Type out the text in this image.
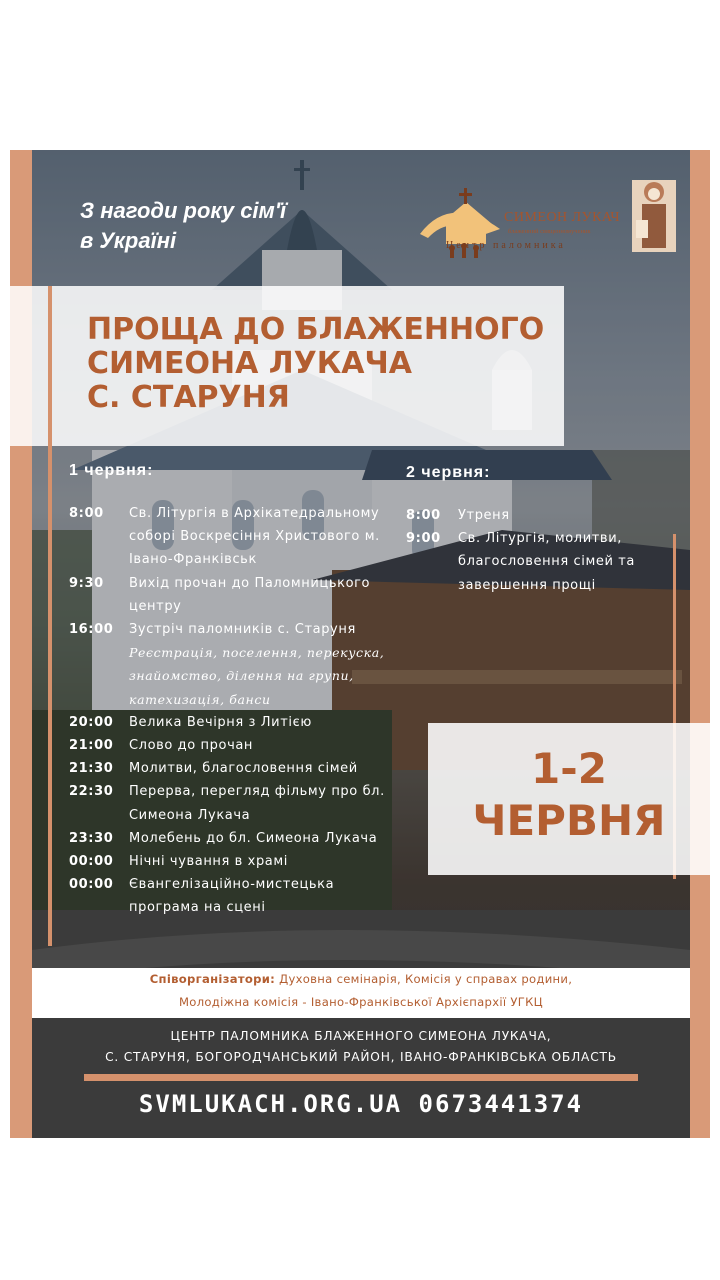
З нагоди року сім'ї
в Україні
СИМЕОН ЛУКАЧ
блаженний священномученик
Центр паломника
ПРОЩА ДО БЛАЖЕННОГО
СИМЕОНА ЛУКАЧА
С. СТАРУНЯ
1 червня:
8:00	Св. Літургія в Архікатедральному соборі Воскресіння Христового м. Івано-Франківськ
9:30	Вихід прочан до Паломницького центру
16:00	Зустріч паломників с. Старуня
Реєстрація, поселення, перекуска, знайомство, ділення на групи, катехизація, банси
20:00	Велика Вечірня з Литією
21:00	Слово до прочан
21:30	Молитви, благословення сімей
22:30	Перерва, перегляд фільму про бл. Симеона Лукача
23:30	Молебень до бл. Симеона Лукача
00:00	Нічні чування в храмі
00:00	Євангелізаційно-мистецька програма на сцені
2 червня:
8:00	Утреня
9:00	Св. Літургія, молитви, благословення сімей та завершення прощі
1-2
ЧЕРВНЯ
Співорганізатори: Духовна семінарія, Комісія у справах родини,
Молодіжна комісія - Івано-Франківської Архієпархії УГКЦ
ЦЕНТР ПАЛОМНИКА БЛАЖЕННОГО СИМЕОНА ЛУКАЧА,
С. СТАРУНЯ, БОГОРОДЧАНСЬКИЙ РАЙОН, ІВАНО-ФРАНКІВСЬКА ОБЛАСТЬ
SVMLUKACH.ORG.UA 0673441374
